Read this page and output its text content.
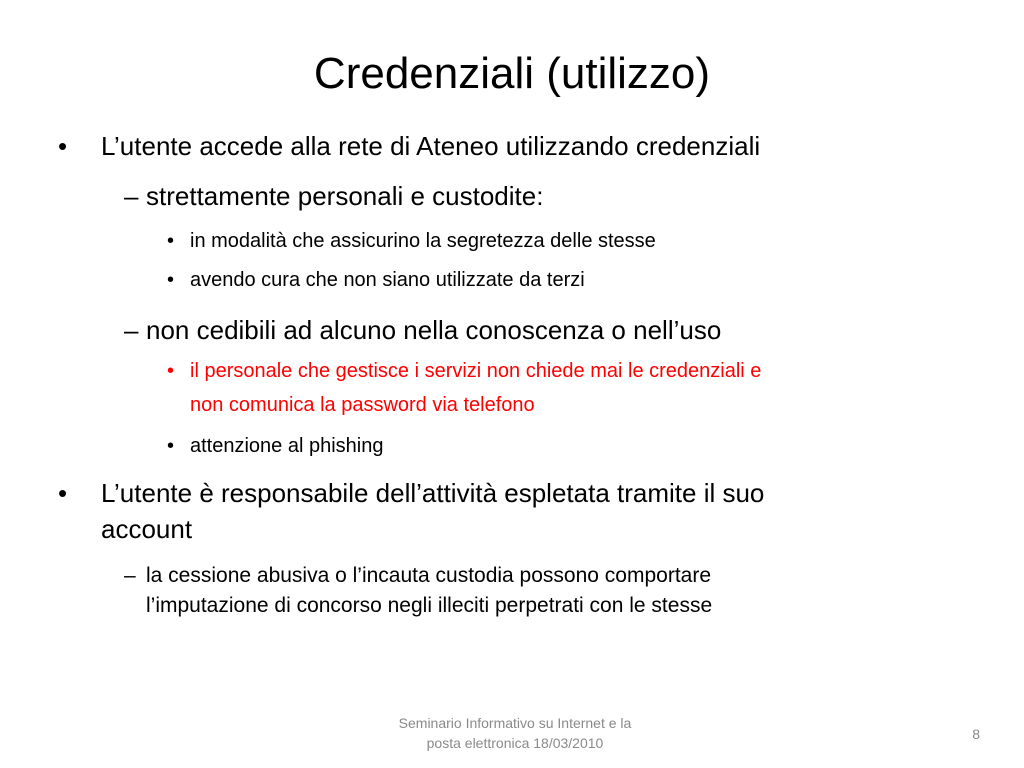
Credenziali (utilizzo)
• L’utente accede alla rete di Ateneo utilizzando credenziali
– strettamente personali e custodite:
• in modalità che assicurino la segretezza delle stesse
• avendo cura che non siano utilizzate da terzi
– non cedibili ad alcuno nella conoscenza o nell’uso
• il personale che gestisce i servizi non chiede mai le credenziali e
non comunica la password via telefono
• attenzione al phishing
• L’utente è responsabile dell’attività espletata tramite il suo
account
– la cessione abusiva o l’incauta custodia possono comportare
l’imputazione di concorso negli illeciti perpetrati con le stesse
Seminario Informativo su Internet e la
posta elettronica 18/03/2010
8
